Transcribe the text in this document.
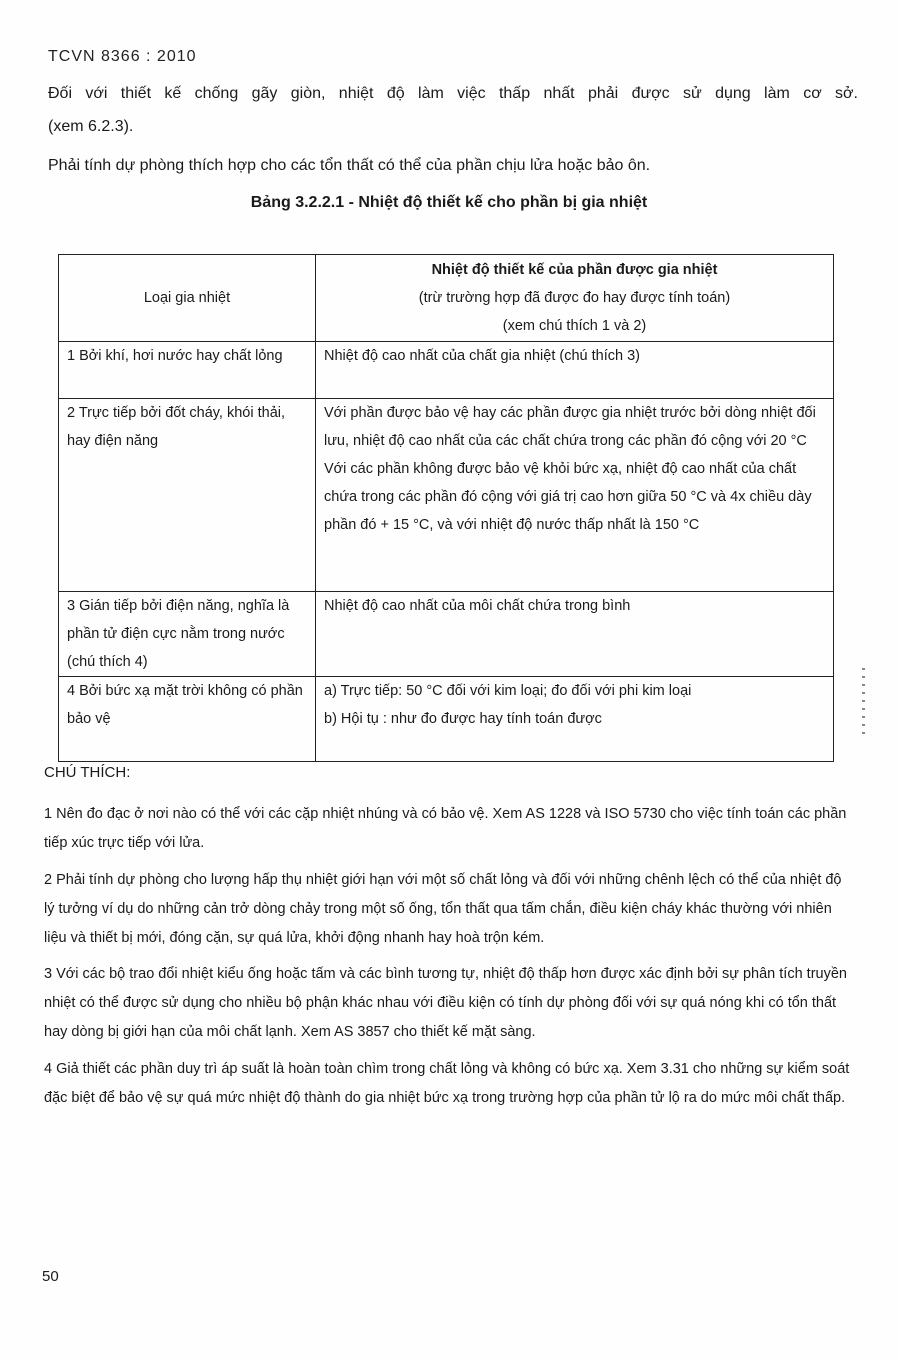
TCVN 8366 : 2010
Đối với thiết kế chống gãy giòn, nhiệt độ làm việc thấp nhất phải được sử dụng làm cơ sở.
(xem 6.2.3).
Phải tính dự phòng thích hợp cho các tổn thất có thể của phần chịu lửa hoặc bảo ôn.
Bảng 3.2.2.1 - Nhiệt độ thiết kế cho phần bị gia nhiệt
Loại gia nhiệt	Nhiệt độ thiết kế của phần được gia nhiệt
(trừ trường hợp đã được đo hay được tính toán)
(xem chú thích 1 và 2)

1 Bởi khí, hơi nước hay chất lỏng	Nhiệt độ cao nhất của chất gia nhiệt (chú thích 3)

2 Trực tiếp bởi đốt cháy, khói thải, hay điện năng	Với phần được bảo vệ hay các phần được gia nhiệt trước bởi dòng nhiệt đối lưu, nhiệt độ cao nhất của các chất chứa trong các phần đó cộng với 20 °C
Với các phần không được bảo vệ khỏi bức xạ, nhiệt độ cao nhất của chất chứa trong các phần đó cộng với giá trị cao hơn giữa 50 °C và 4x chiều dày phần đó + 15 °C, và với nhiệt độ nước thấp nhất là 150 °C

3 Gián tiếp bởi điện năng, nghĩa là phần tử điện cực nằm trong nước (chú thích 4)	Nhiệt độ cao nhất của môi chất chứa trong bình

4 Bởi bức xạ mặt trời không có phần bảo vệ	a) Trực tiếp: 50 °C đối với kim loại; đo đối với phi kim loại
b) Hội tụ : như đo được hay tính toán được
CHÚ THÍCH:
1 Nên đo đạc ở nơi nào có thể với các cặp nhiệt nhúng và có bảo vệ. Xem AS 1228 và ISO 5730 cho việc tính toán các phần tiếp xúc trực tiếp với lửa.
2 Phải tính dự phòng cho lượng hấp thụ nhiệt giới hạn với một số chất lỏng và đối với những chênh lệch có thể của nhiệt độ lý tưởng ví dụ do những cản trở dòng chảy trong một số ống, tổn thất qua tấm chắn, điều kiện cháy khác thường với nhiên liệu và thiết bị mới, đóng cặn, sự quá lửa, khởi động nhanh hay hoà trộn kém.
3 Với các bộ trao đổi nhiệt kiểu ống hoặc tấm và các bình tương tự, nhiệt độ thấp hơn được xác định bởi sự phân tích truyền nhiệt có thể được sử dụng cho nhiều bộ phận khác nhau với điều kiện có tính dự phòng đối với sự quá nóng khi có tổn thất hay dòng bị giới hạn của môi chất lạnh. Xem AS 3857 cho thiết kế mặt sàng.
4 Giả thiết các phần duy trì áp suất là hoàn toàn chìm trong chất lỏng và không có bức xạ. Xem 3.31 cho những sự kiểm soát đặc biệt để bảo vệ sự quá mức nhiệt độ thành do gia nhiệt bức xạ trong trường hợp của phần tử lộ ra do mức môi chất thấp.
50
